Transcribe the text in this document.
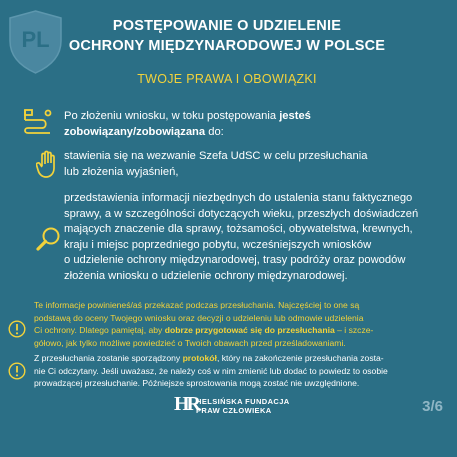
PL
POSTĘPOWANIE O UDZIELENIE
OCHRONY MIĘDZYNARODOWEJ W POLSCE
TWOJE PRAWA I OBOWIĄZKI
Po złożeniu wniosku, w toku postępowania jesteś
zobowiązany/zobowiązana do:
stawienia się na wezwanie Szefa UdSC w celu przesłuchania
lub złożenia wyjaśnień,
przedstawienia informacji niezbędnych do ustalenia stanu faktycznego
sprawy, a w szczególności dotyczących wieku, przeszłych doświadczeń
mających znaczenie dla sprawy, tożsamości, obywatelstwa, krewnych,
kraju i miejsc poprzedniego pobytu, wcześniejszych wniosków
o udzielenie ochrony międzynarodowej, trasy podróży oraz powodów
złożenia wniosku o udzielenie ochrony międzynarodowej.
Te informacje powinieneś/aś przekazać podczas przesłuchania. Najczęściej to one są
podstawą do oceny Twojego wniosku oraz decyzji o udzieleniu lub odmowie udzielenia
Ci ochrony. Dlatego pamiętaj, aby dobrze przygotować się do przesłuchania – i szcze-
gółowo, jak tylko możliwe powiedzieć o Twoich obawach przed prześladowaniami.
Z przesłuchania zostanie sporządzony protokół, który na zakończenie przesłuchania zosta-
nie Ci odczytany. Jeśli uważasz, że należy coś w nim zmienić lub dodać to powiedz to osobie
prowadzącej przesłuchanie. Późniejsze sprostowania mogą zostać nie uwzględnione.
HR
HELSIŃSKA FUNDACJA
PRAW CZŁOWIEKA	3/6
